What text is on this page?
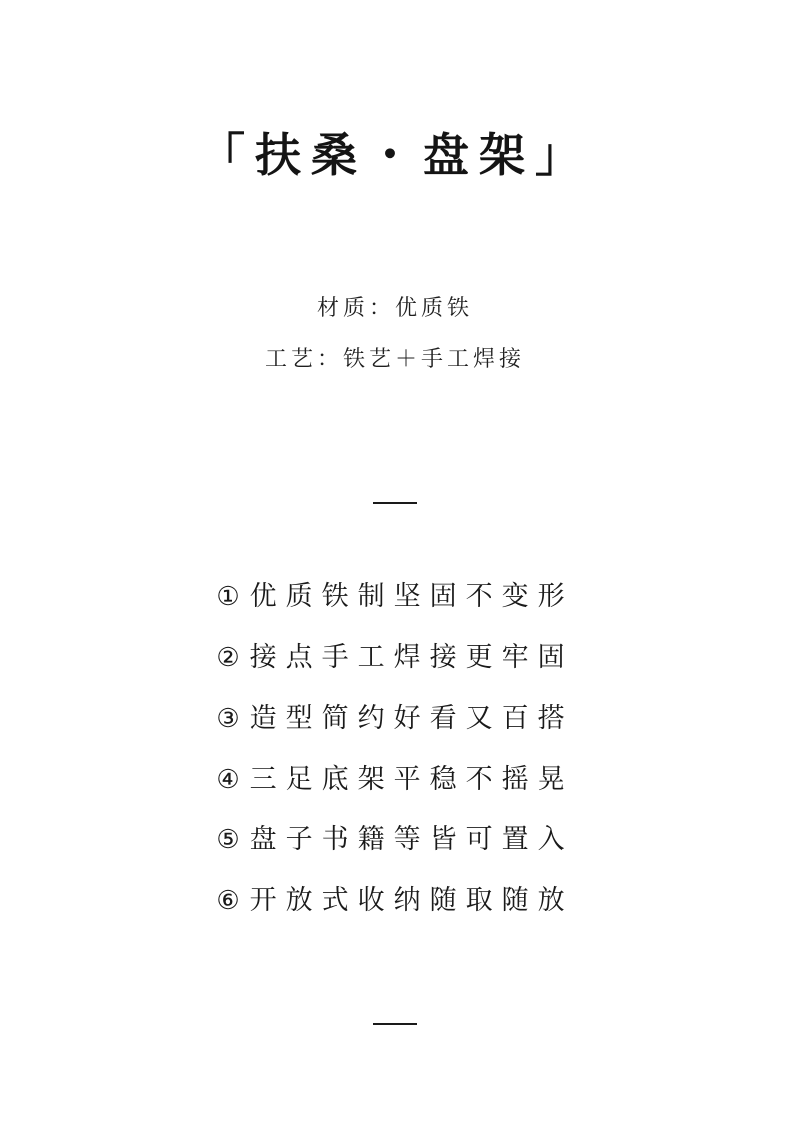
「扶桑・盘架」
材质：优质铁
工艺：铁艺＋手工焊接
① 优质铁制坚固不变形
② 接点手工焊接更牢固
③ 造型简约好看又百搭
④ 三足底架平稳不摇晃
⑤ 盘子书籍等皆可置入
⑥ 开放式收纳随取随放
